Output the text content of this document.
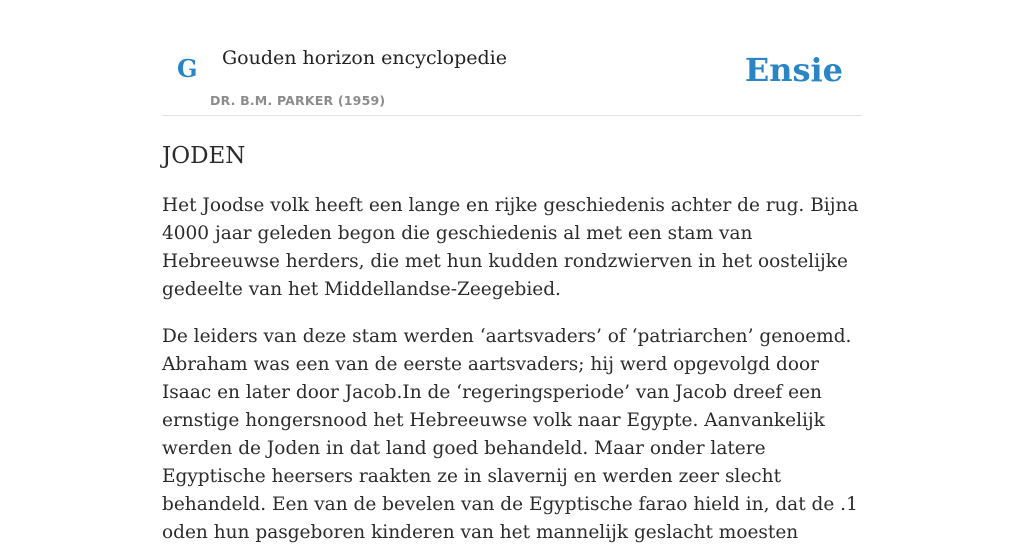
G Gouden horizon encyclopedie
DR. B.M. PARKER (1959)
Ensie
JODEN

Het Joodse volk heeft een lange en rijke geschiedenis achter de rug. Bijna 4000 jaar geleden begon die geschiedenis al met een stam van Hebreeuwse herders, die met hun kudden rondzwierven in het oostelijke gedeelte van het Middellandse-Zeegebied.

De leiders van deze stam werden ‘aartsvaders’ of ‘patriarchen’ genoemd. Abraham was een van de eerste aartsvaders; hij werd opgevolgd door Isaac en later door Jacob.In de ‘regeringsperiode’ van Jacob dreef een ernstige hongersnood het Hebreeuwse volk naar Egypte. Aanvankelijk werden de Joden in dat land goed behandeld. Maar onder latere Egyptische heersers raakten ze in slavernij en werden zeer slecht behandeld. Een van de bevelen van de Egyptische farao hield in, dat de .1 oden hun pasgeboren kinderen van het mannelijk geslacht moesten
